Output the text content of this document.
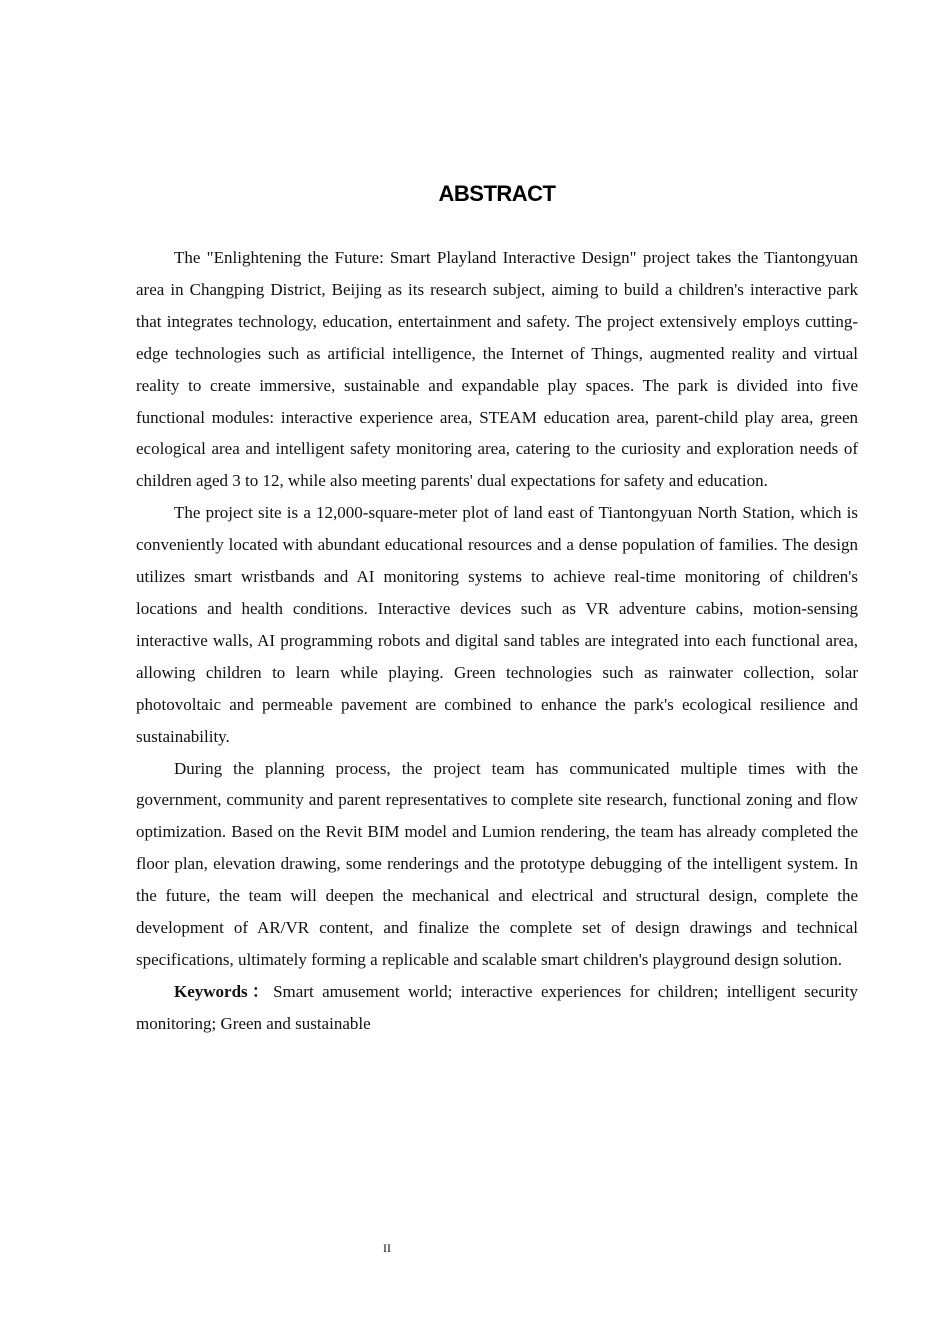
ABSTRACT

The "Enlightening the Future: Smart Playland Interactive Design" project takes the Tiantongyuan area in Changping District, Beijing as its research subject, aiming to build a children's interactive park that integrates technology, education, entertainment and safety. The project extensively employs cutting-edge technologies such as artificial intelligence, the Internet of Things, augmented reality and virtual reality to create immersive, sustainable and expandable play spaces. The park is divided into five functional modules: interactive experience area, STEAM education area, parent-child play area, green ecological area and intelligent safety monitoring area, catering to the curiosity and exploration needs of children aged 3 to 12, while also meeting parents' dual expectations for safety and education.

The project site is a 12,000-square-meter plot of land east of Tiantongyuan North Station, which is conveniently located with abundant educational resources and a dense population of families. The design utilizes smart wristbands and AI monitoring systems to achieve real-time monitoring of children's locations and health conditions. Interactive devices such as VR adventure cabins, motion-sensing interactive walls, AI programming robots and digital sand tables are integrated into each functional area, allowing children to learn while playing. Green technologies such as rainwater collection, solar photovoltaic and permeable pavement are combined to enhance the park's ecological resilience and sustainability.

During the planning process, the project team has communicated multiple times with the government, community and parent representatives to complete site research, functional zoning and flow optimization. Based on the Revit BIM model and Lumion rendering, the team has already completed the floor plan, elevation drawing, some renderings and the prototype debugging of the intelligent system. In the future, the team will deepen the mechanical and electrical and structural design, complete the development of AR/VR content, and finalize the complete set of design drawings and technical specifications, ultimately forming a replicable and scalable smart children's playground design solution.

Keywords：Smart amusement world; interactive experiences for children; intelligent security monitoring; Green and sustainable

II
